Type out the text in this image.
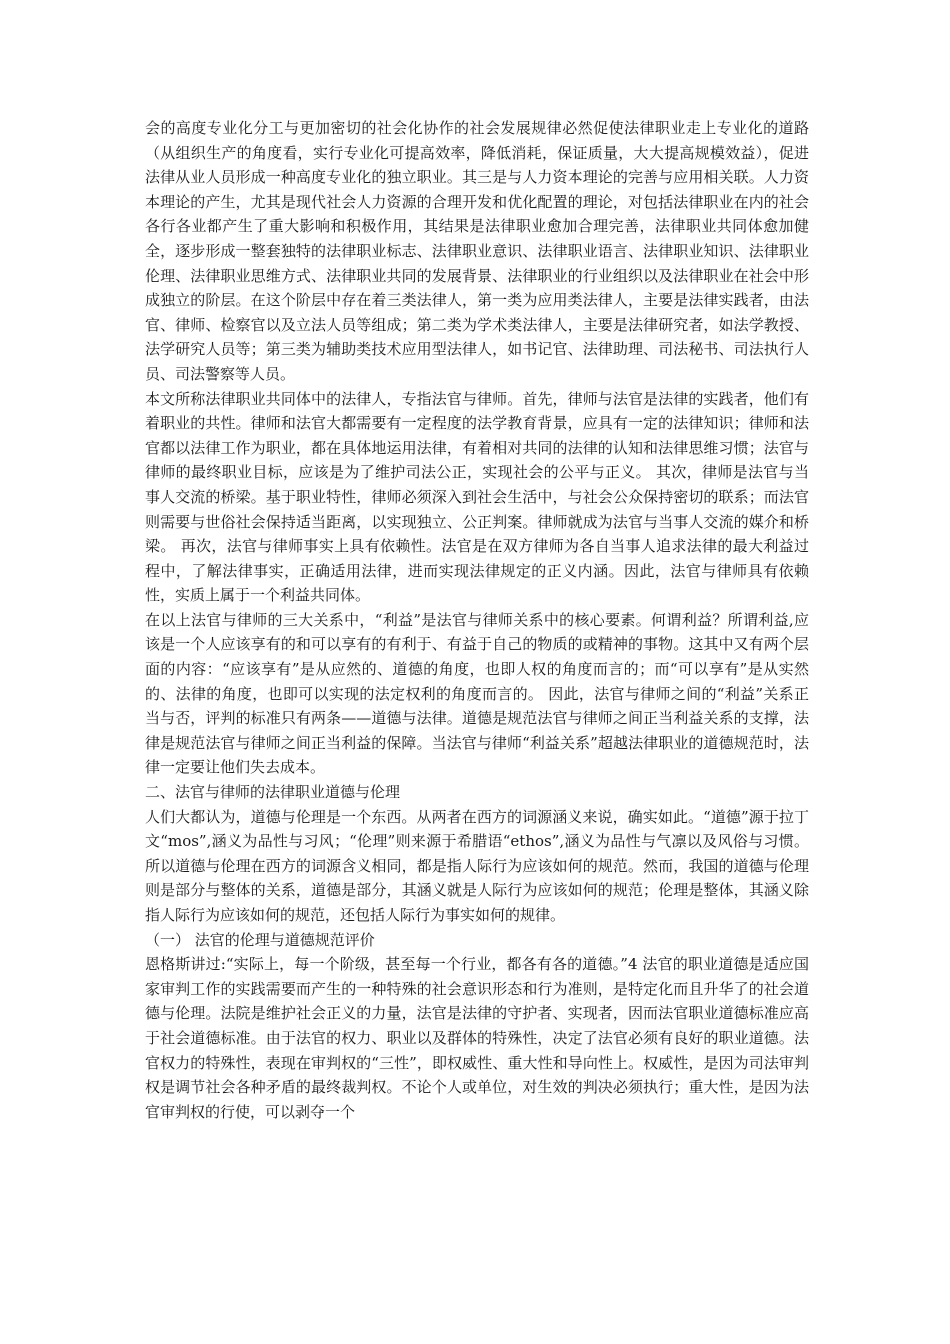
会的高度专业化分工与更加密切的社会化协作的社会发展规律必然促使法律职业走上专业化的道路（从组织生产的角度看，实行专业化可提高效率，降低消耗，保证质量，大大提高规模效益），促进法律从业人员形成一种高度专业化的独立职业。其三是与人力资本理论的完善与应用相关联。人力资本理论的产生，尤其是现代社会人力资源的合理开发和优化配置的理论，对包括法律职业在内的社会各行各业都产生了重大影响和积极作用，其结果是法律职业愈加合理完善，法律职业共同体愈加健全，逐步形成一整套独特的法律职业标志、法律职业意识、法律职业语言、法律职业知识、法律职业伦理、法律职业思维方式、法律职业共同的发展背景、法律职业的行业组织以及法律职业在社会中形成独立的阶层。在这个阶层中存在着三类法律人，第一类为应用类法律人，主要是法律实践者，由法官、律师、检察官以及立法人员等组成；第二类为学术类法律人，主要是法律研究者，如法学教授、法学研究人员等；第三类为辅助类技术应用型法律人，如书记官、法律助理、司法秘书、司法执行人员、司法警察等人员。

本文所称法律职业共同体中的法律人，专指法官与律师。首先，律师与法官是法律的实践者，他们有着职业的共性。律师和法官大都需要有一定程度的法学教育背景，应具有一定的法律知识；律师和法官都以法律工作为职业，都在具体地运用法律，有着相对共同的法律的认知和法律思维习惯；法官与律师的最终职业目标，应该是为了维护司法公正，实现社会的公平与正义。 其次，律师是法官与当事人交流的桥梁。基于职业特性，律师必须深入到社会生活中，与社会公众保持密切的联系；而法官则需要与世俗社会保持适当距离，以实现独立、公正判案。律师就成为法官与当事人交流的媒介和桥梁。 再次，法官与律师事实上具有依赖性。法官是在双方律师为各自当事人追求法律的最大利益过程中，了解法律事实，正确适用法律，进而实现法律规定的正义内涵。因此，法官与律师具有依赖性，实质上属于一个利益共同体。

在以上法官与律师的三大关系中，“利益”是法官与律师关系中的核心要素。何谓利益？所谓利益,应该是一个人应该享有的和可以享有的有利于、有益于自己的物质的或精神的事物。这其中又有两个层面的内容：“应该享有”是从应然的、道德的角度，也即人权的角度而言的；而“可以享有”是从实然的、法律的角度，也即可以实现的法定权利的角度而言的。 因此，法官与律师之间的“利益”关系正当与否，评判的标准只有两条——道德与法律。道德是规范法官与律师之间正当利益关系的支撑，法律是规范法官与律师之间正当利益的保障。当法官与律师“利益关系”超越法律职业的道德规范时，法律一定要让他们失去成本。

二、法官与律师的法律职业道德与伦理

人们大都认为，道德与伦理是一个东西。从两者在西方的词源涵义来说，确实如此。“道德”源于拉丁文“mos”,涵义为品性与习风；“伦理”则来源于希腊语“ethos”,涵义为品性与气凛以及风俗与习惯。所以道德与伦理在西方的词源含义相同，都是指人际行为应该如何的规范。然而，我国的道德与伦理则是部分与整体的关系，道德是部分，其涵义就是人际行为应该如何的规范；伦理是整体，其涵义除指人际行为应该如何的规范，还包括人际行为事实如何的规律。

（一） 法官的伦理与道德规范评价

恩格斯讲过:“实际上，每一个阶级，甚至每一个行业，都各有各的道德。”4 法官的职业道德是适应国家审判工作的实践需要而产生的一种特殊的社会意识形态和行为准则，是特定化而且升华了的社会道德与伦理。法院是维护社会正义的力量，法官是法律的守护者、实现者，因而法官职业道德标准应高于社会道德标准。由于法官的权力、职业以及群体的特殊性，决定了法官必须有良好的职业道德。法官权力的特殊性，表现在审判权的“三性”，即权威性、重大性和导向性上。权威性，是因为司法审判权是调节社会各种矛盾的最终裁判权。不论个人或单位，对生效的判决必须执行；重大性，是因为法官审判权的行使，可以剥夺一个
